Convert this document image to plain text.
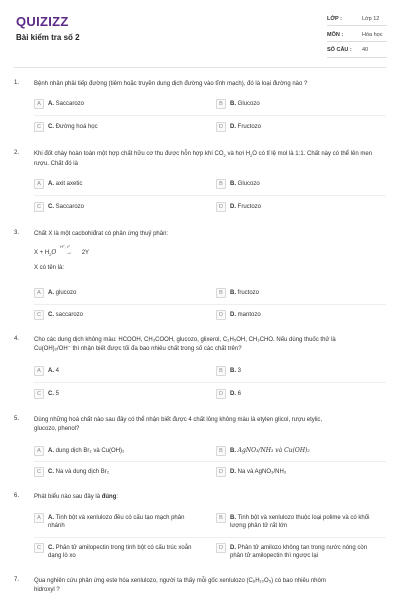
QUIZIZZ
Bài kiểm tra số 2
LỚP :	Lớp 12
MÔN :	Hóa học
SỐ CÂU : 40
1. Bệnh nhân phải tiếp đường (tiêm hoặc truyền dung dịch đường vào tĩnh mạch), đó là loại đường nào ?
A	A. Saccarozo	B	B. Glucozo
C	C. Đường hoá học	D	D. Fructozo
2. Khi đốt cháy hoàn toàn một hợp chất hữu cơ thu được hỗn hợp khí $CO_2$ và hơi $H_2O$ có tỉ lệ mol là 1:1. Chất này có thể lên men rượu. Chất đó là
A	A. axit axetic	B	B. Glucozo
C	C. Saccarozo	D	D. Fructozo
3. Chất X là một cacbohiđrat có phản ứng thuỷ phân:
$X + H_2O$
H⁺, t°
→ 2Y
X có tên là:
A	A. glucozo	B	B. fructozo
C	C. saccarozo	D	D. mantozo
4. Cho các dung dịch không màu: HCOOH, CH₃COOH, glucozo, glixerol, C₂H₅OH, CH₃CHO. Nếu dùng thuốc thử là
Cu(OH)₂/OH⁻ thì nhận biết được tối đa bao nhiêu chất trong số các chất trên?
A	A. 4	B	B. 3
C	C. 5	D	D. 6
5. Dùng những hoá chất nào sau đây có thể nhận biết được 4 chất lỏng không màu là etylen glicol, rượu etylic,
glucozo, phenol?
A	A. dung dịch Br₂ và Cu(OH)₂	B	B. AgNO₃/NH₃ và Cu(OH)₂
C	C. Na và dung dịch Br₂	D	D. Na và AgNO₃/NH₃
6. Phát biểu nào sau đây là đúng:
A	A. Tinh bột và xenlulozo đều có cấu tạo mạch phân nhánh
B	B. Tinh bột và xenlulozo thuộc loại polime và có khối lượng phân tử rất lớn
C	C. Phân tử amilopectin trong tinh bột có cấu trúc xoắn dạng lò xo
D	D. Phân tử amilozo không tan trong nước nóng còn phân tử amilopectin thì ngược lại
7. Qua nghiên cứu phản ứng este hóa xenlulozo, người ta thấy mỗi gốc xenlulozo (C₆H₁₀O₅) có bao nhiêu nhóm
hidroxyl ?
